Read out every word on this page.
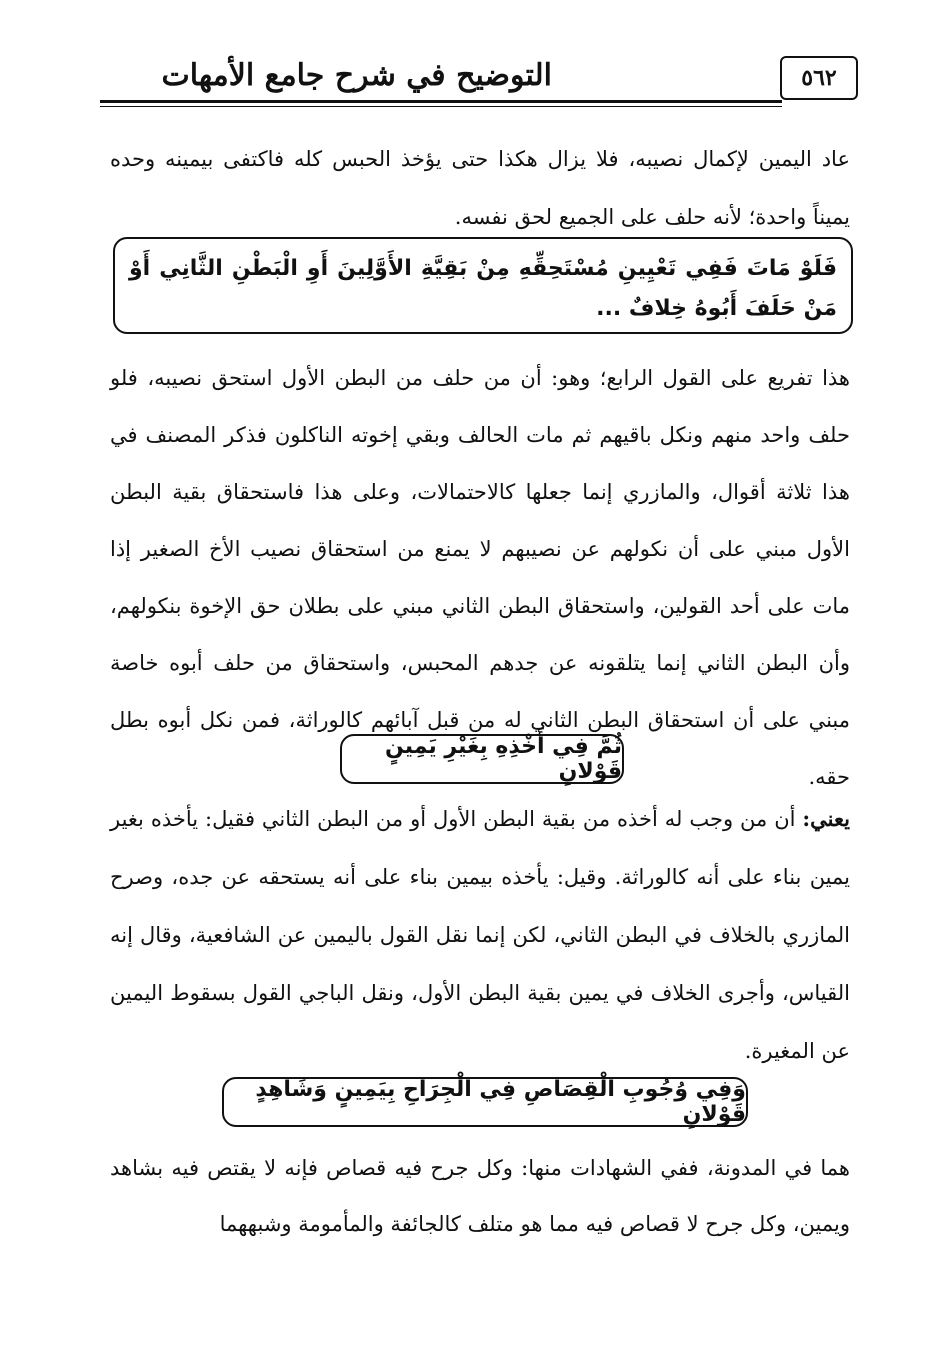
التوضيح في شرح جامع الأمهات	٥٦٢
عاد اليمين لإكمال نصيبه، فلا يزال هكذا حتى يؤخذ الحبس كله فاكتفى بيمينه وحده يميناً واحدة؛ لأنه حلف على الجميع لحق نفسه.
فَلَوْ مَاتَ فَفِي تَعْيِينِ مُسْتَحِقِّهِ مِنْ بَقِيَّةِ الأَوَّلِينَ أَوِ الْبَطْنِ الثَّانِي أَوْ مَنْ حَلَفَ أَبُوهُ خِلافٌ ...
هذا تفريع على القول الرابع؛ وهو: أن من حلف من البطن الأول استحق نصيبه، فلو حلف واحد منهم ونكل باقيهم ثم مات الحالف وبقي إخوته الناكلون فذكر المصنف في هذا ثلاثة أقوال، والمازري إنما جعلها كالاحتمالات، وعلى هذا فاستحقاق بقية البطن الأول مبني على أن نكولهم عن نصيبهم لا يمنع من استحقاق نصيب الأخ الصغير إذا مات على أحد القولين، واستحقاق البطن الثاني مبني على بطلان حق الإخوة بنكولهم، وأن البطن الثاني إنما يتلقونه عن جدهم المحبس، واستحقاق من حلف أبوه خاصة مبني على أن استحقاق البطن الثاني له من قبل آبائهم كالوراثة، فمن نكل أبوه بطل حقه.
ثُمَّ فِي أَخْذِهِ بِغَيْرِ يَمِينٍ قَوْلانِ
يعني: أن من وجب له أخذه من بقية البطن الأول أو من البطن الثاني فقيل: يأخذه بغير يمين بناء على أنه كالوراثة. وقيل: يأخذه بيمين بناء على أنه يستحقه عن جده، وصرح المازري بالخلاف في البطن الثاني، لكن إنما نقل القول باليمين عن الشافعية، وقال إنه القياس، وأجرى الخلاف في يمين بقية البطن الأول، ونقل الباجي القول بسقوط اليمين عن المغيرة.
وَفِي وُجُوبِ الْقِصَاصِ فِي الْجِرَاحِ بِيَمِينٍ وَشَاهِدٍ قَوْلانِ
هما في المدونة، ففي الشهادات منها: وكل جرح فيه قصاص فإنه لا يقتص فيه بشاهد ويمين، وكل جرح لا قصاص فيه مما هو متلف كالجائفة والمأمومة وشبههما
